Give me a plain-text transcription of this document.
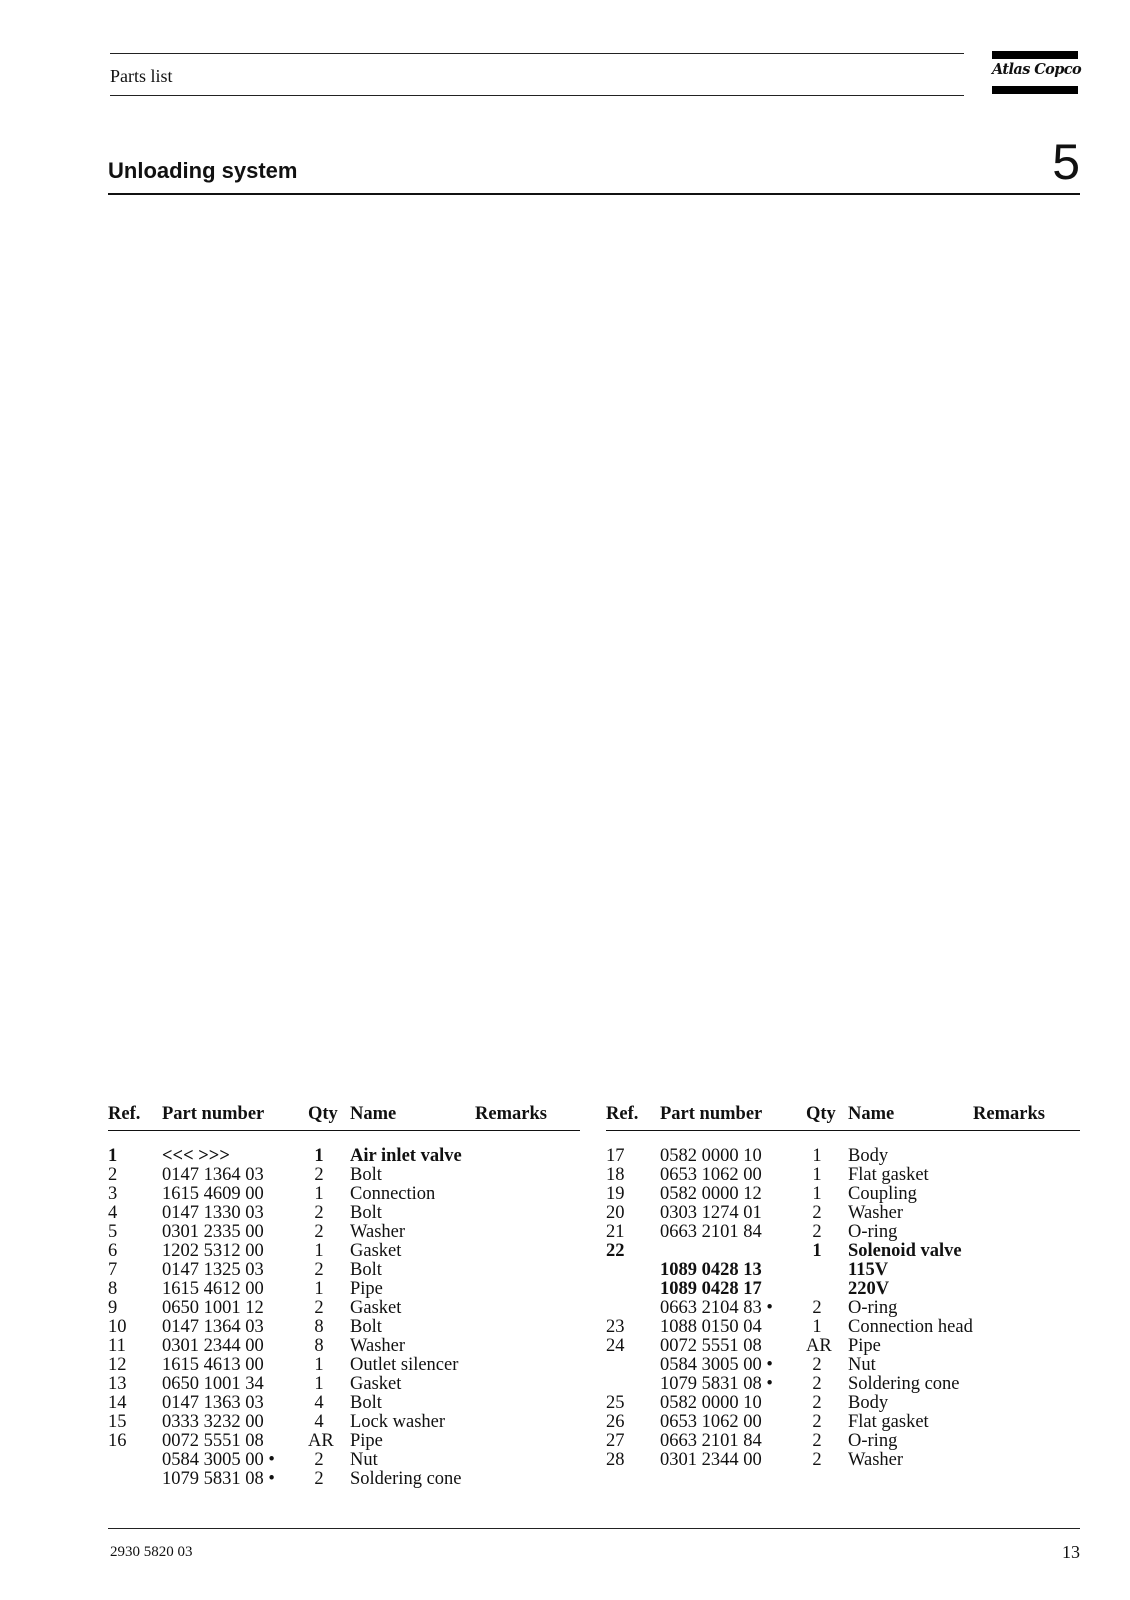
Parts list	Atlas Copco
Unloading system	5
Ref. Part number Qty Name	Remarks
1 <<< >>>	1	Air inlet valve
2 0147 1364 03	2	Bolt
3 1615 4609 00	1	Connection
4 0147 1330 03	2	Bolt
5 0301 2335 00	2	Washer
6 1202 5312 00	1	Gasket
7 0147 1325 03	2	Bolt
8 1615 4612 00	1	Pipe
9 0650 1001 12	2	Gasket
10 0147 1364 03	8	Bolt
11 0301 2344 00	8	Washer
12 1615 4613 00	1	Outlet silencer
13 0650 1001 34	1	Gasket
14 0147 1363 03	4	Bolt
15 0333 3232 00	4	Lock washer
16 0072 5551 08 AR Pipe
0584 3005 00 •	2	Nut
1079 5831 08 •	2	Soldering cone
Ref. Part number Qty Name	Remarks
17 0582 0000 10	1	Body
18 0653 1062 00	1	Flat gasket
19 0582 0000 12	1	Coupling
20 0303 1274 01	2	Washer
21 0663 2101 84	2	O-ring
22	1	Solenoid valve
1089 0428 13	115V
1089 0428 17	220V
0663 2104 83 •	2	O-ring
23 1088 0150 04	1	Connection head
24 0072 5551 08 AR Pipe
0584 3005 00 •	2	Nut
1079 5831 08 •	2	Soldering cone
25 0582 0000 10	2	Body
26 0653 1062 00	2	Flat gasket
27 0663 2101 84	2	O-ring
28 0301 2344 00	2	Washer
2930 5820 03	13
